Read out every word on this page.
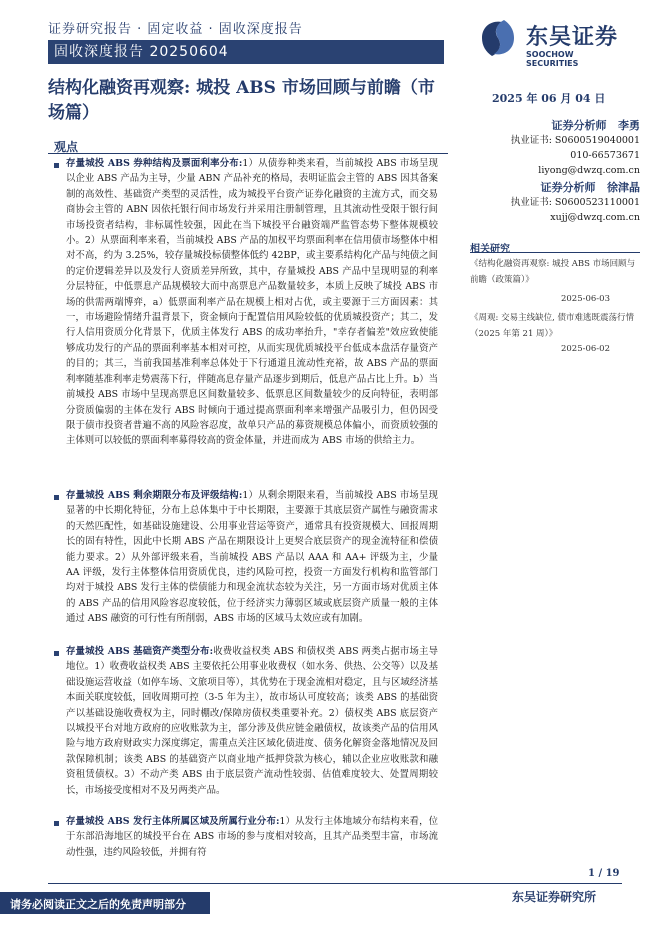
证券研究报告 · 固定收益 · 固收深度报告
固收深度报告 20250604
东吴证券
SOOCHOW SECURITIES
结构化融资再观察: 城投 ABS 市场回顾与前瞻（市场篇）
2025 年 06 月 04 日
观点
存量城投 ABS 券种结构及票面利率分布:1）从债券种类来看，当前城投 ABS 市场呈现以企业 ABS 产品为主导，少量 ABN 产品补充的格局，表明证监会主管的 ABS 因其备案制的高效性、基础资产类型的灵活性，成为城投平台资产证券化融资的主流方式，而交易商协会主管的 ABN 因依托银行间市场发行并采用注册制管理，且其流动性受限于银行间市场投资者结构，非标属性较强，因此在当下城投平台融资端严监管态势下整体规模较小。2）从票面利率来看，当前城投 ABS 产品的加权平均票面利率在信用债市场整体中相对不高，约为 3.25%，较存量城投标债整体低约 42BP，或主要系结构化产品与纯债之间的定价逻辑差异以及发行人资质差异所致，其中，存量城投 ABS 产品中呈现明显的利率分层特征，中低票息产品规模较大而中高票息产品数量较多，本质上反映了城投 ABS 市场的供需两端博弈，a）低票面利率产品在规模上相对占优，或主要源于三方面因素：其一，市场避险情绪升温背景下，资金倾向于配置信用风险较低的优质城投资产；其二，发行人信用资质分化背景下，优质主体发行 ABS 的成功率抬升，"幸存者偏差"效应致使能够成功发行的产品的票面利率基本相对可控，从而实现优质城投平台低成本盘活存量资产的目的；其三，当前我国基准利率总体处于下行通道且流动性充裕，故 ABS 产品的票面利率随基准利率走势震荡下行，伴随高息存量产品逐步到期后，低息产品占比上升。b）当前城投 ABS 市场中呈现高票息区间数量较多、低票息区间数量较少的反向特征，表明部分资质偏弱的主体在发行 ABS 时倾向于通过提高票面利率来增强产品吸引力，但仍因受限于债市投资者普遍不高的风险容忍度，故单只产品的募资规模总体偏小，而资质较强的主体则可以较低的票面利率募得较高的资金体量，并进而成为 ABS 市场的供给主力。
存量城投 ABS 剩余期限分布及评级结构:1）从剩余期限来看，当前城投 ABS 市场呈现显著的中长期化特征，分布上总体集中于中长期限，主要源于其底层资产属性与融资需求的天然匹配性，如基础设施建设、公用事业营运等资产，通常具有投资规模大、回报周期长的固有特性，因此中长期 ABS 产品在期限设计上更契合底层资产的现金流特征和偿债能力要求。2）从外部评级来看，当前城投 ABS 产品以 AAA 和 AA+ 评级为主，少量 AA 评级，发行主体整体信用资质优良，违约风险可控，投资一方面发行机构和监管部门均对于城投 ABS 发行主体的偿债能力和现金流状态较为关注，另一方面市场对优质主体的 ABS 产品的信用风险容忍度较低，位于经济实力薄弱区域或底层资产质量一般的主体通过 ABS 融资的可行性有所削弱，ABS 市场的区域马太效应或有加剧。
存量城投 ABS 基础资产类型分布:收费收益权类 ABS 和债权类 ABS 两类占据市场主导地位。1）收费收益权类 ABS 主要依托公用事业收费权（如水务、供热、公交等）以及基础设施运营收益（如停车场、文旅项目等），其优势在于现金流相对稳定，且与区域经济基本面关联度较低，回收周期可控（3-5 年为主），故市场认可度较高；该类 ABS 的基础资产以基础设施收费权为主，同时棚改/保障房债权类重要补充。2）债权类 ABS 底层资产以城投平台对地方政府的应收账款为主，部分涉及供应链金融债权，故该类产品的信用风险与地方政府财政实力深度绑定，需重点关注区域化债进度、债务化解资金落地情况及回款保障机制；该类 ABS 的基础资产以商业地产抵押贷款为核心，辅以企业应收账款和融资租赁债权。3）不动产类 ABS 由于底层资产流动性较弱、估值难度较大、处置周期较长，市场接受度相对不及另两类产品。
存量城投 ABS 发行主体所属区域及所属行业分布:1）从发行主体地域分布结构来看，位于东部沿海地区的城投平台在 ABS 市场的参与度相对较高，且其产品类型丰富，市场流动性强，违约风险较低，并拥有符
证券分析师 李勇
执业证书: S0600519040001
010-66573671
liyong@dwzq.com.cn
证券分析师 徐津晶
执业证书: S0600523110001
xujj@dwzq.com.cn
相关研究
《结构化融资再观察: 城投 ABS 市场回顾与前瞻（政策篇）》
2025-06-03
《周观: 交易主线缺位, 债市难逃既震荡行情（2025 年第 21 周）》
2025-06-02
1 / 19
请务必阅读正文之后的免责声明部分
东吴证券研究所
